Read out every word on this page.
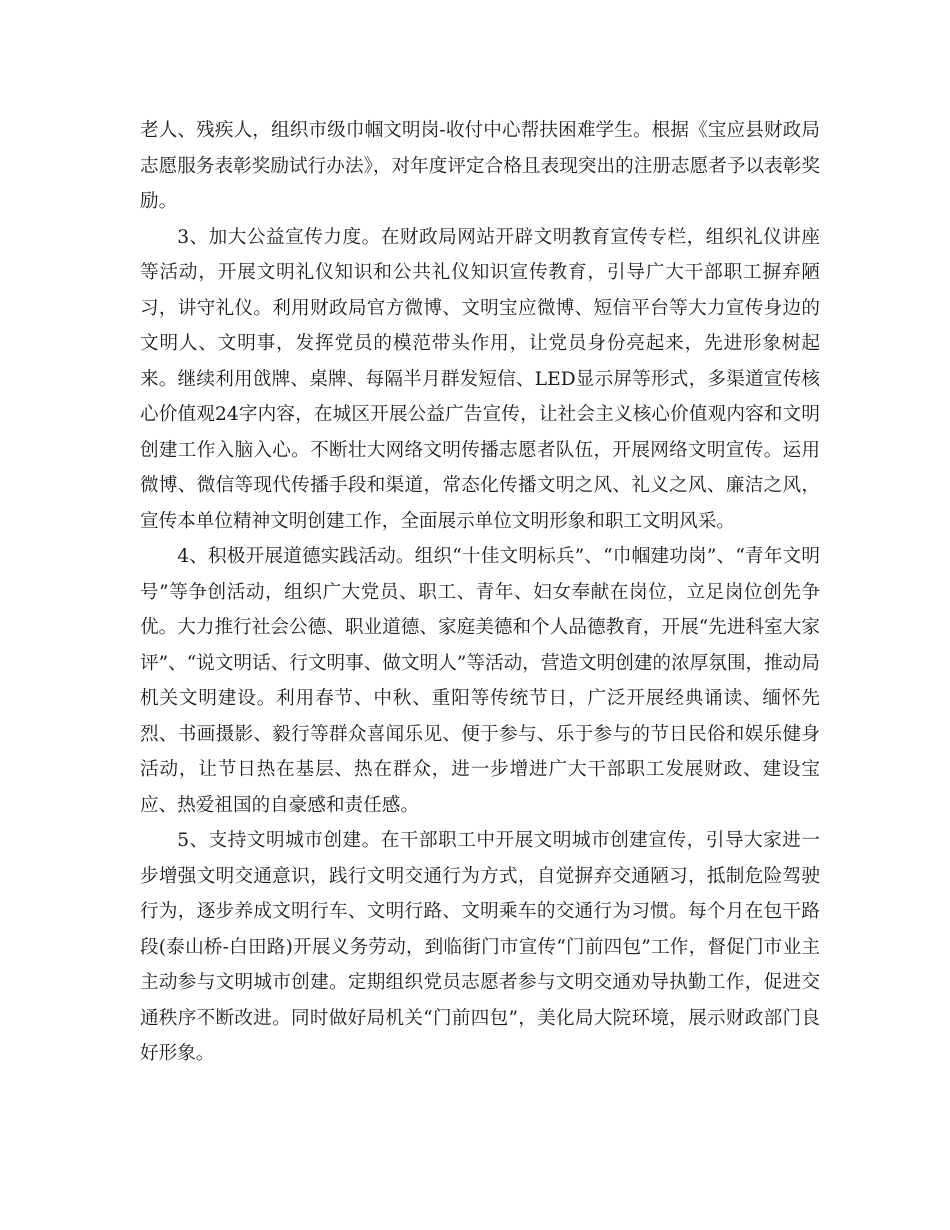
老人、残疾人，组织市级巾帼文明岗-收付中心帮扶困难学生。根据《宝应县财政局志愿服务表彰奖励试行办法》，对年度评定合格且表现突出的注册志愿者予以表彰奖励。

3、加大公益宣传力度。在财政局网站开辟文明教育宣传专栏，组织礼仪讲座等活动，开展文明礼仪知识和公共礼仪知识宣传教育，引导广大干部职工摒弃陋习，讲守礼仪。利用财政局官方微博、文明宝应微博、短信平台等大力宣传身边的文明人、文明事，发挥党员的模范带头作用，让党员身份亮起来，先进形象树起来。继续利用戗牌、桌牌、每隔半月群发短信、LED显示屏等形式，多渠道宣传核心价值观24字内容，在城区开展公益广告宣传，让社会主义核心价值观内容和文明创建工作入脑入心。不断壮大网络文明传播志愿者队伍，开展网络文明宣传。运用微博、微信等现代传播手段和渠道，常态化传播文明之风、礼义之风、廉洁之风，宣传本单位精神文明创建工作，全面展示单位文明形象和职工文明风采。

4、积极开展道德实践活动。组织“十佳文明标兵”、“巾帼建功岗”、“青年文明号”等争创活动，组织广大党员、职工、青年、妇女奉献在岗位，立足岗位创先争优。大力推行社会公德、职业道德、家庭美德和个人品德教育，开展“先进科室大家评”、“说文明话、行文明事、做文明人”等活动，营造文明创建的浓厚氛围，推动局机关文明建设。利用春节、中秋、重阳等传统节日，广泛开展经典诵读、缅怀先烈、书画摄影、毅行等群众喜闻乐见、便于参与、乐于参与的节日民俗和娱乐健身活动，让节日热在基层、热在群众，进一步增进广大干部职工发展财政、建设宝应、热爱祖国的自豪感和责任感。

5、支持文明城市创建。在干部职工中开展文明城市创建宣传，引导大家进一步增强文明交通意识，践行文明交通行为方式，自觉摒弃交通陋习，抵制危险驾驶行为，逐步养成文明行车、文明行路、文明乘车的交通行为习惯。每个月在包干路段(泰山桥-白田路)开展义务劳动，到临街门市宣传“门前四包”工作，督促门市业主主动参与文明城市创建。定期组织党员志愿者参与文明交通劝导执勤工作，促进交通秩序不断改进。同时做好局机关“门前四包”，美化局大院环境，展示财政部门良好形象。
